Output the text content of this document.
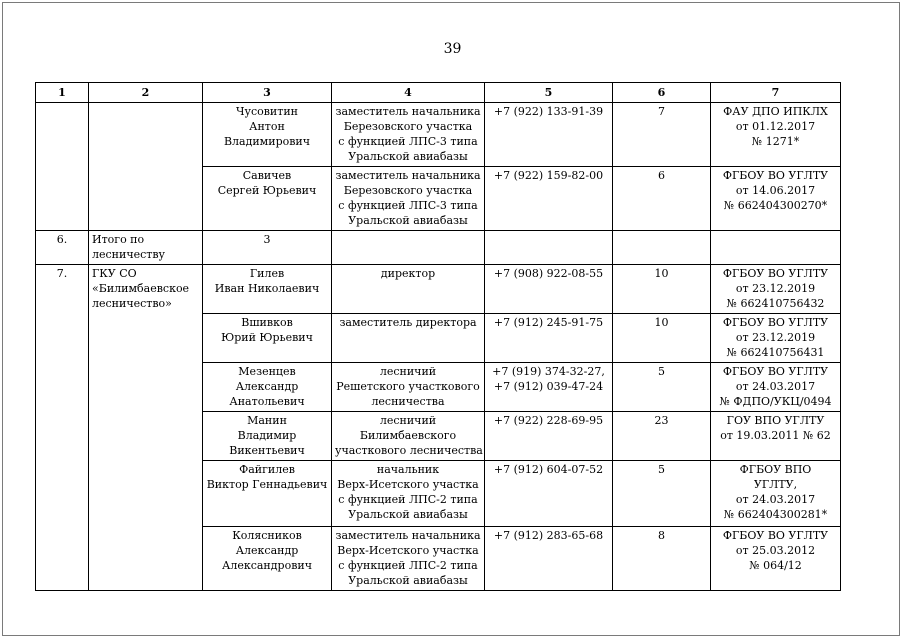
39
1	2	3	4	5	6	7

		Чусовитин
Антон
Владимирович	заместитель начальника
Березовского участка
с функцией ЛПС-3 типа
Уральской авиабазы	+7 (922) 133-91-39	7	ФАУ ДПО ИПКЛХ
от 01.12.2017
№ 1271*

		Савичев
Сергей Юрьевич	заместитель начальника
Березовского участка
с функцией ЛПС-3 типа
Уральской авиабазы	+7 (922) 159-82-00	6	ФГБОУ ВО УГЛТУ
от 14.06.2017
№ 662404300270*

6.	Итого по
лесничеству	3				

7.	ГКУ СО
«Билимбаевское
лесничество»	Гилев
Иван Николаевич	директор	+7 (908) 922-08-55	10	ФГБОУ ВО УГЛТУ
от 23.12.2019
№ 662410756432

		Вшивков
Юрий Юрьевич	заместитель директора	+7 (912) 245-91-75	10	ФГБОУ ВО УГЛТУ
от 23.12.2019
№ 662410756431

		Мезенцев
Александр
Анатольевич	лесничий
Решетского участкового
лесничества	+7 (919) 374-32-27,
+7 (912) 039-47-24	5	ФГБОУ ВО УГЛТУ
от 24.03.2017
№ ФДПО/УКЦ/0494

		Манин
Владимир
Викентьевич	лесничий
Билимбаевского
участкового лесничества	+7 (922) 228-69-95	23	ГОУ ВПО УГЛТУ
от 19.03.2011 № 62

		Файгилев
Виктор Геннадьевич	начальник
Верх-Исетского участка
с функцией ЛПС-2 типа
Уральской авиабазы	+7 (912) 604-07-52	5	ФГБОУ ВПО
УГЛТУ,
от 24.03.2017
№ 662404300281*

		Колясников
Александр
Александрович	заместитель начальника
Верх-Исетского участка
с функцией ЛПС-2 типа
Уральской авиабазы	+7 (912) 283-65-68	8	ФГБОУ ВО УГЛТУ
от 25.03.2012
№ 064/12
